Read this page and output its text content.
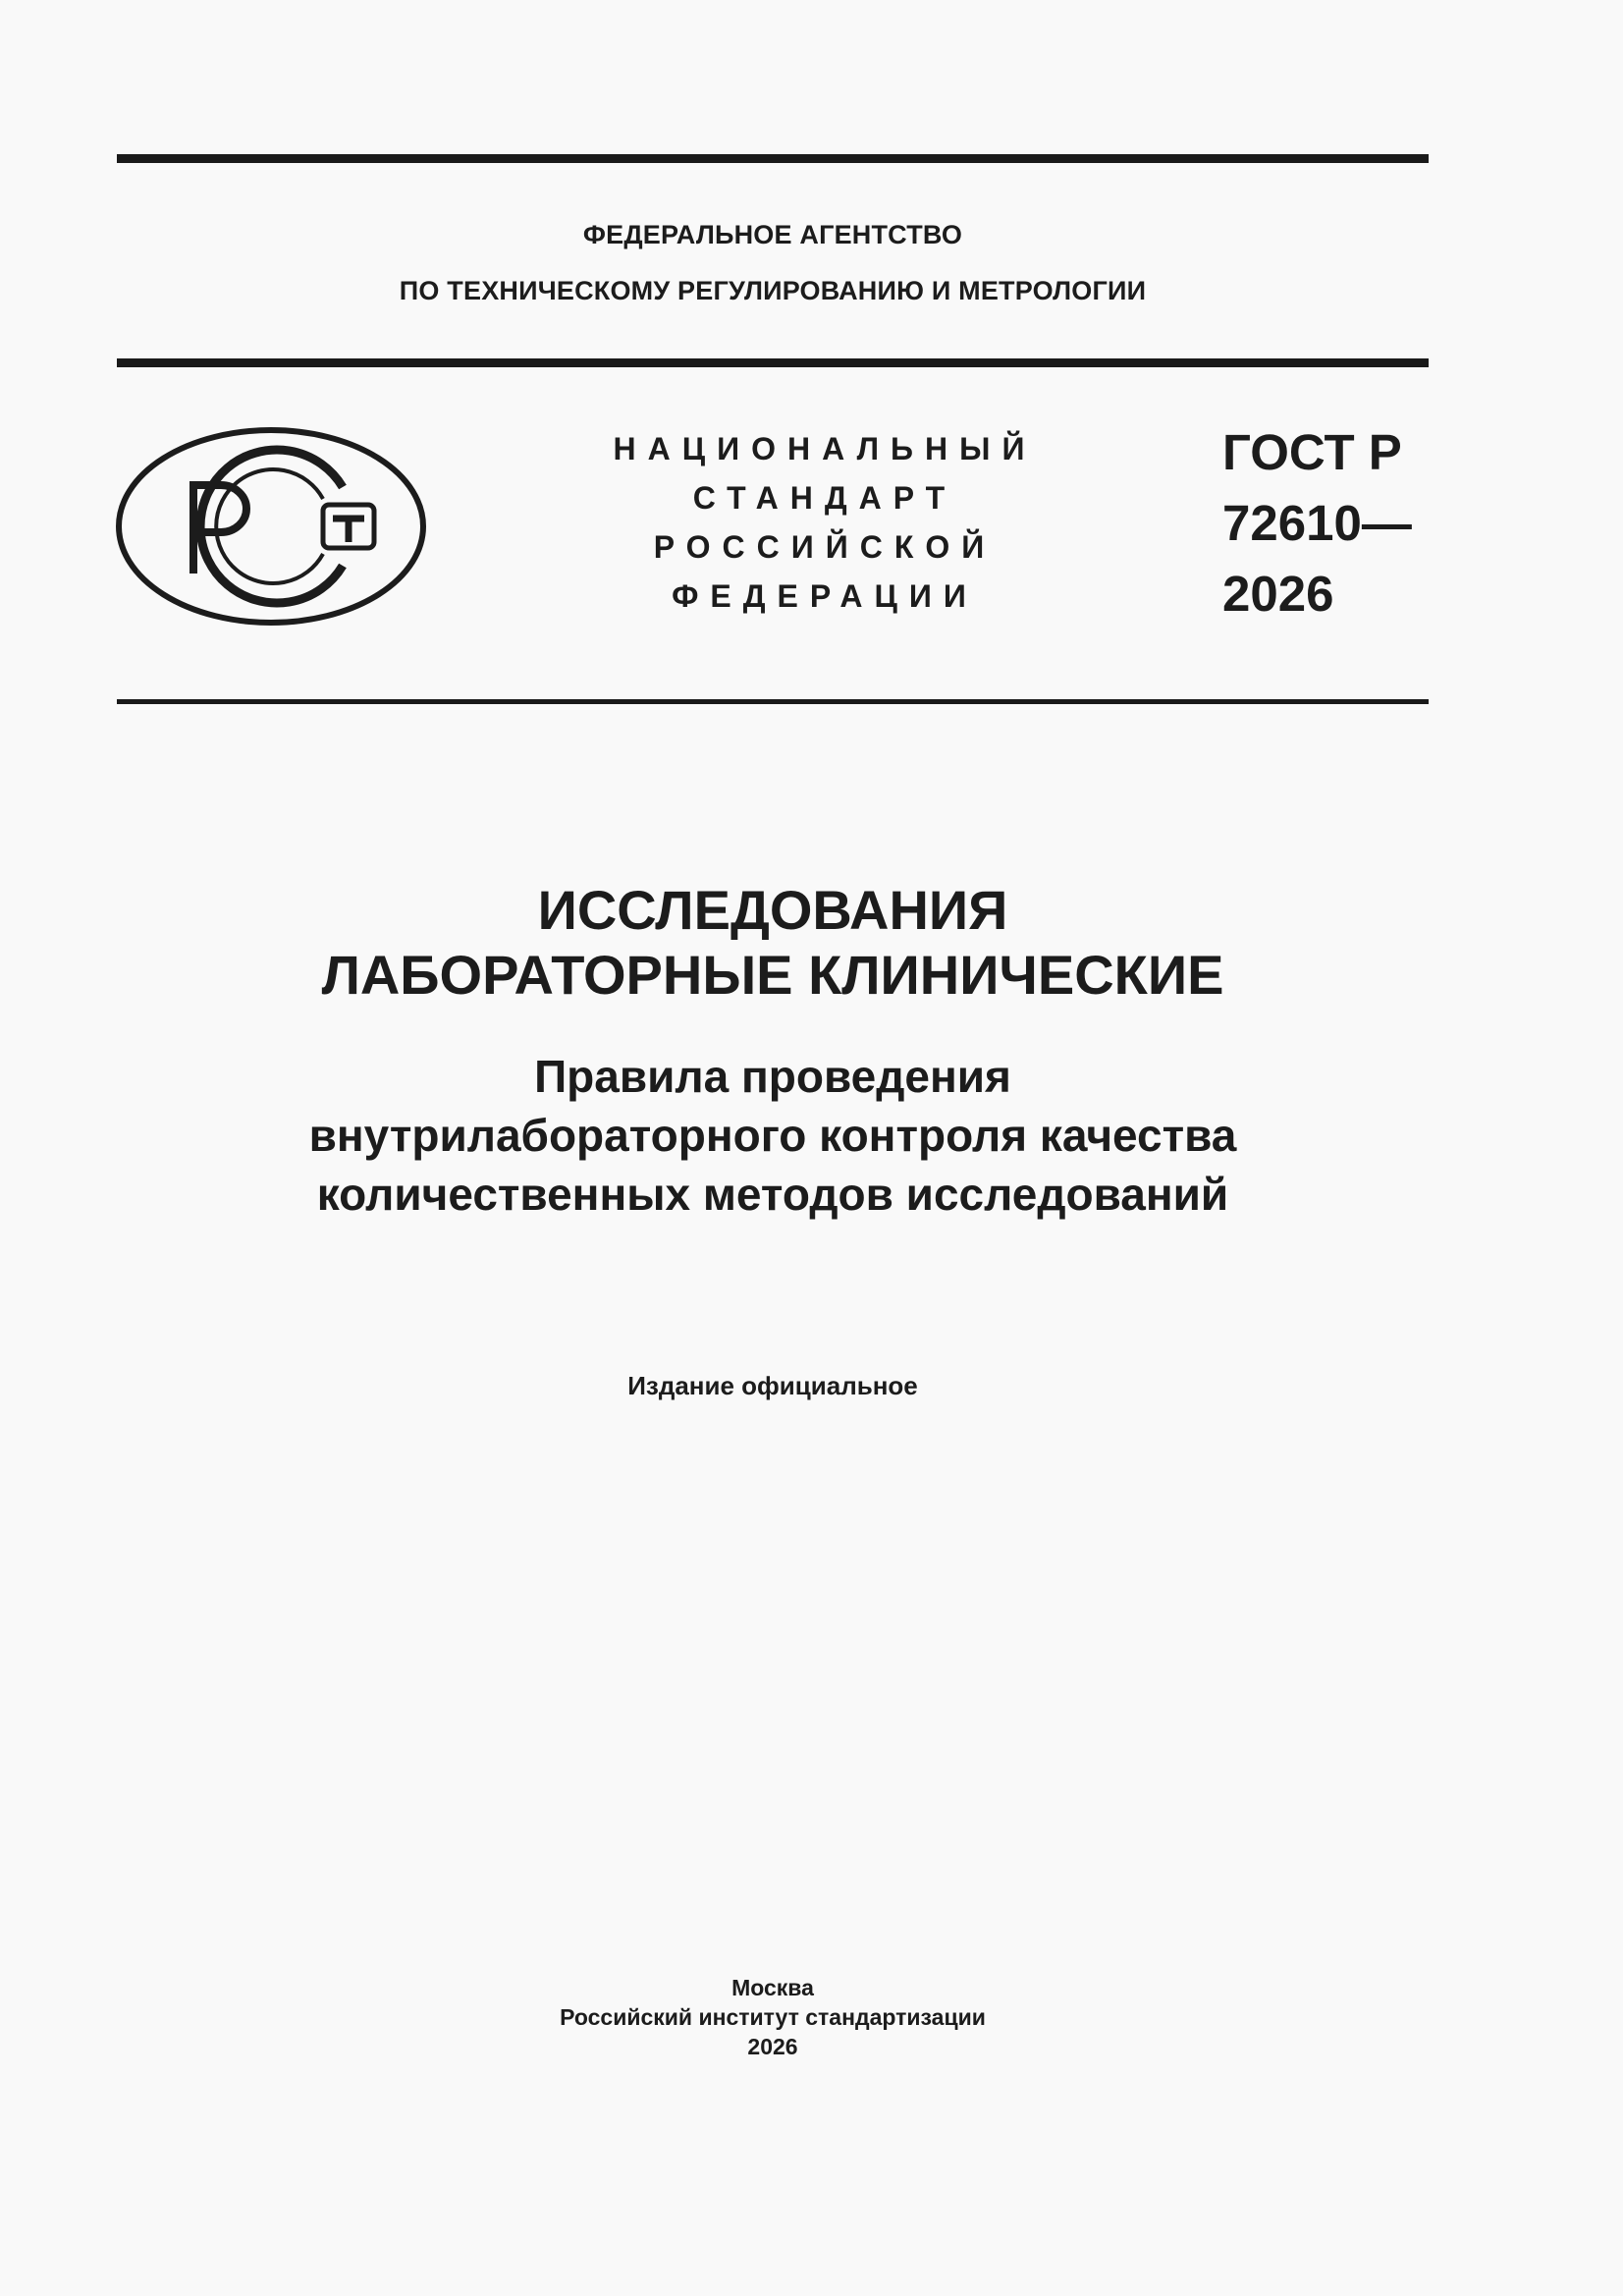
ФЕДЕРАЛЬНОЕ АГЕНТСТВО
ПО ТЕХНИЧЕСКОМУ РЕГУЛИРОВАНИЮ И МЕТРОЛОГИИ
НАЦИОНАЛЬНЫЙ
СТАНДАРТ
РОССИЙСКОЙ
ФЕДЕРАЦИИ
ГОСТ Р
72610—
2026
ИССЛЕДОВАНИЯ
ЛАБОРАТОРНЫЕ КЛИНИЧЕСКИЕ
Правила проведения
внутрилабораторного контроля качества
количественных методов исследований
Издание официальное
Москва
Российский институт стандартизации
2026
